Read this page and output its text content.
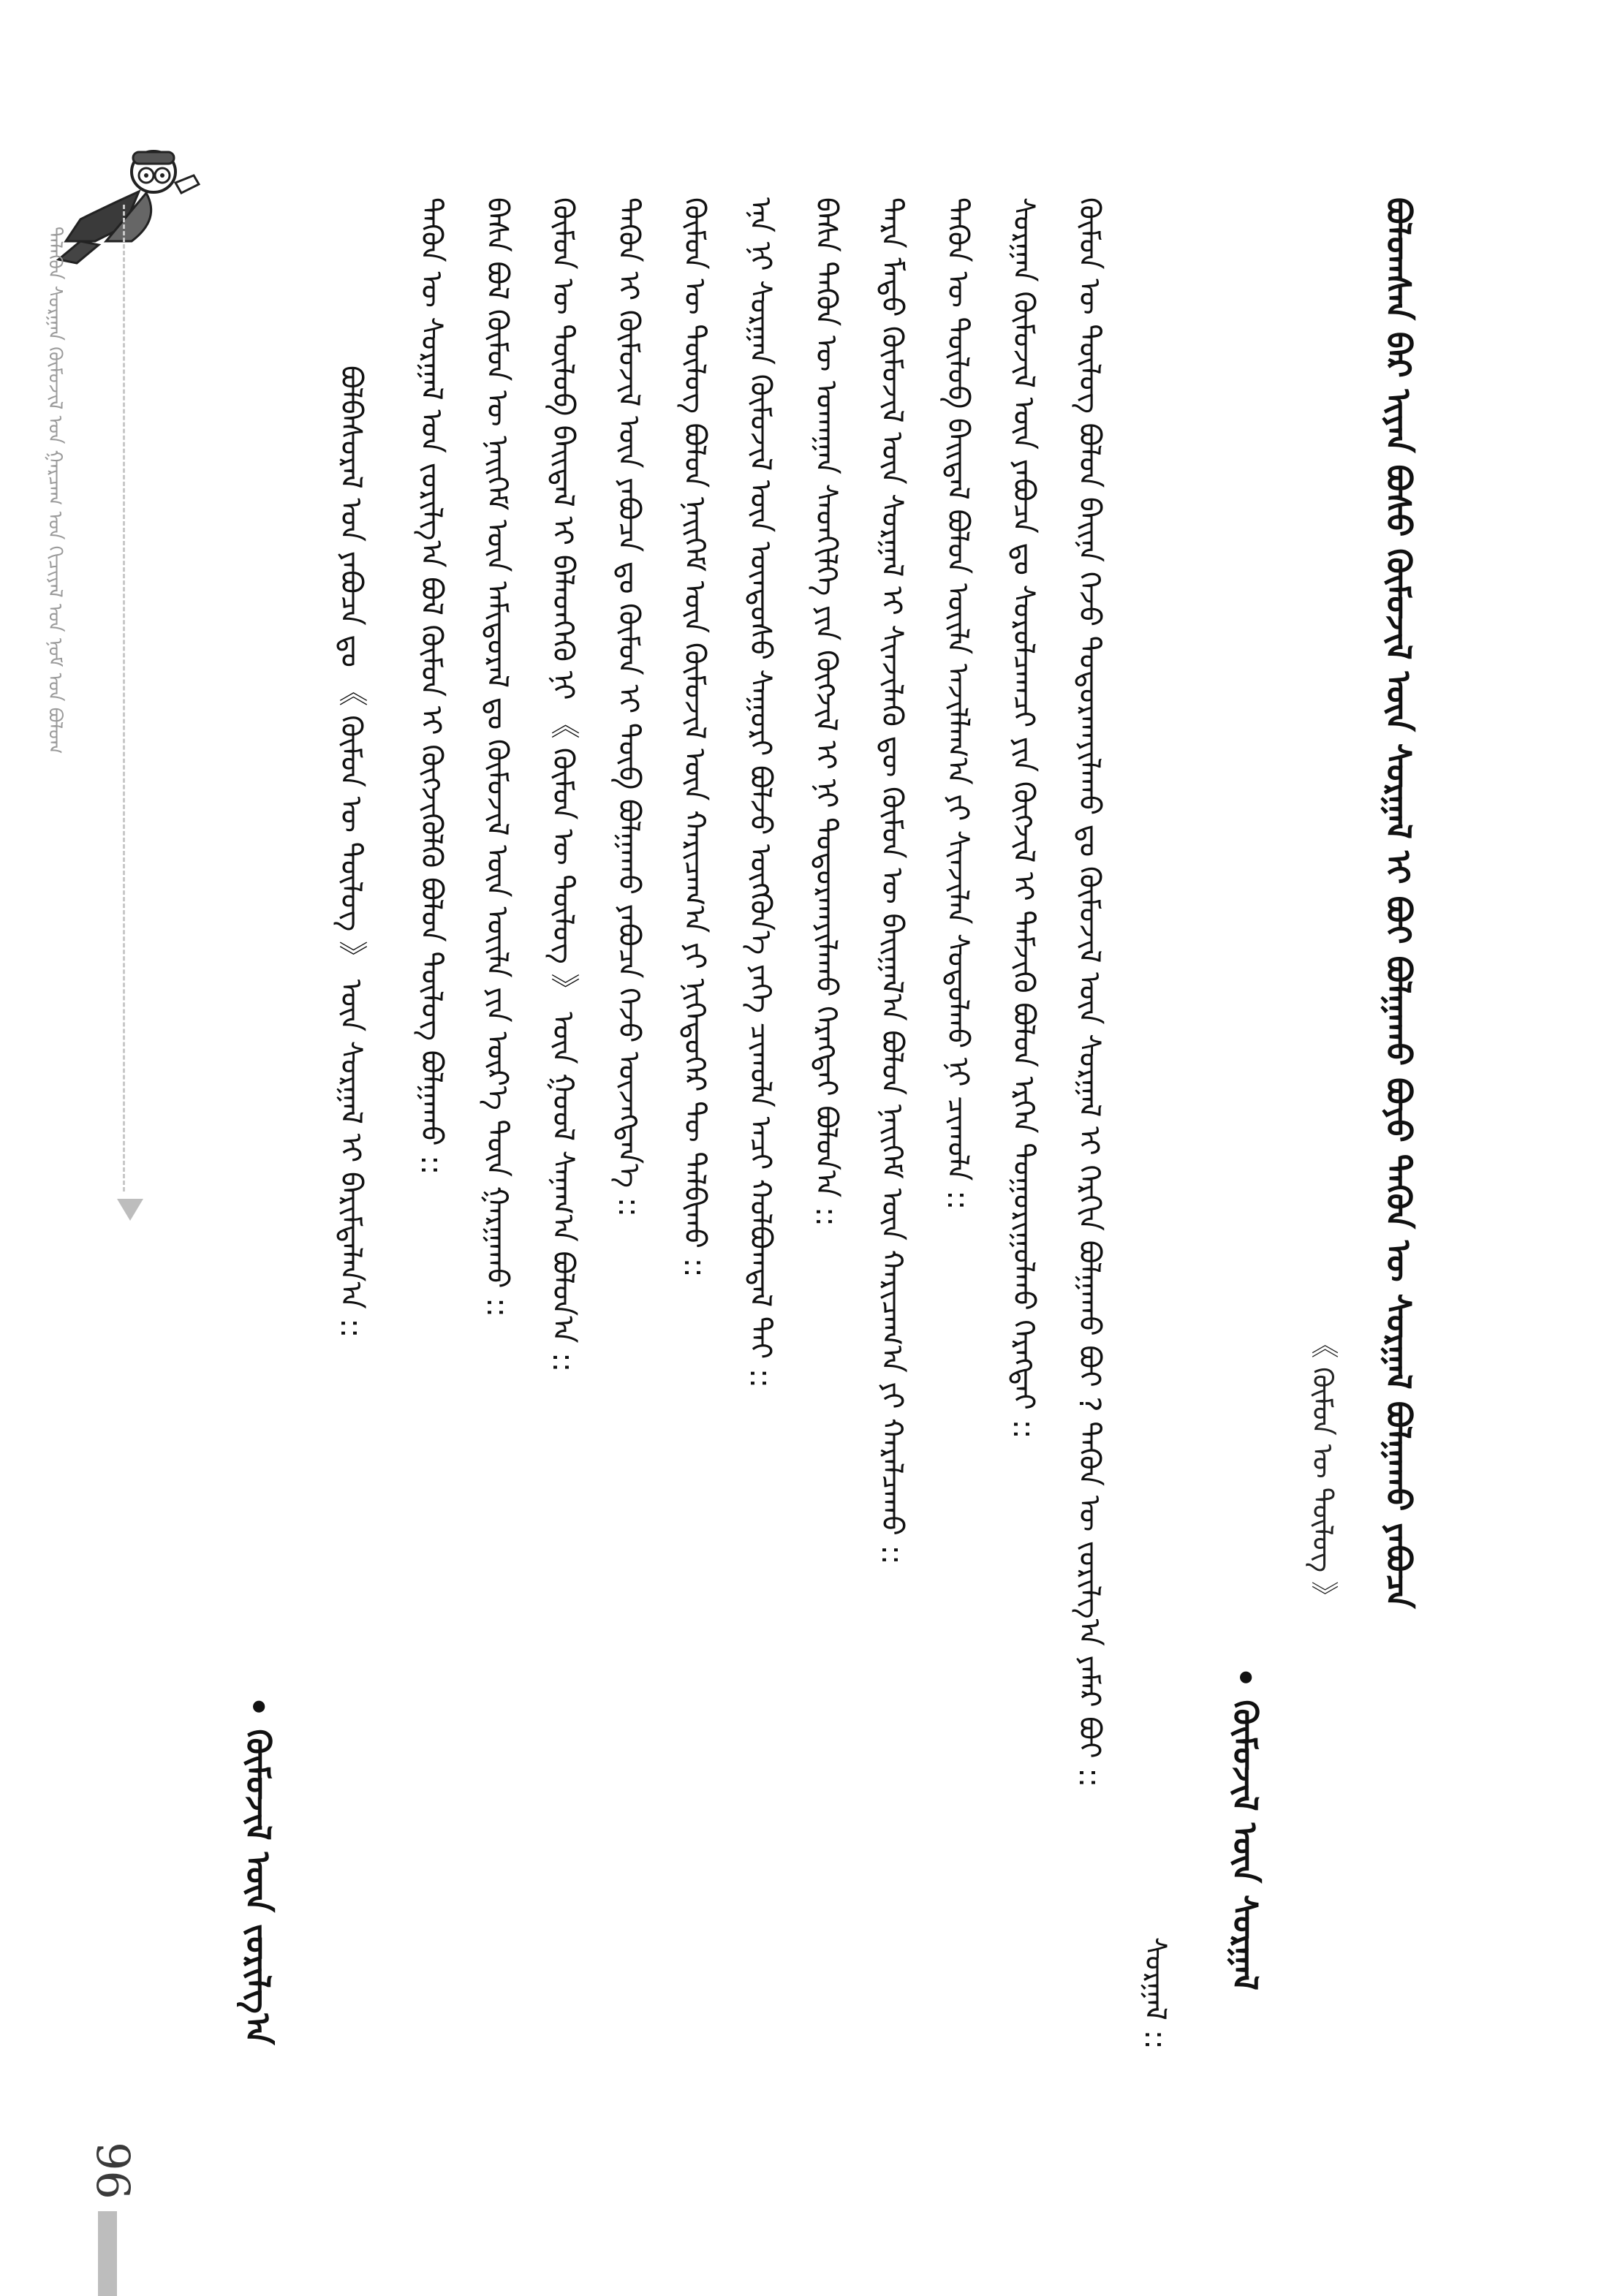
ᠲᠡᠯᠡᠭᠦᠨ ᠰᠤᠷᠭᠠᠨ ᠬᠦᠮᠦᠵᠢᠯ ᠤᠨ ᠭᠠᠷᠴᠠᠭ ᠤᠨ ᠬᠢᠴᠢᠶᠡᠯ ᠤᠨ ᠨᠣᠮ ᠤᠨ ᠪᠤᠯᠤᠭ	ᠪᠣᠯᠣᠭᠰᠠᠨ ᠪᠡᠷ ᠢᠶᠡᠨ ᠪᠣᠰᠤ ᠬᠦᠮᠦᠵᠢᠯ ᠦᠨ ᠰᠤᠷᠭᠠᠯ ᠢ ᠪᠤᠢ ᠪᠣᠯᠭᠠᠬᠤ ᠪᠤᠶᠤ ᠲᠡᠭᠦᠨ ᠦ ᠰᠤᠷᠭᠠᠯ ᠪᠣᠯᠭᠠᠬᠤ ᠶᠠᠪᠤᠴᠠ
《 ᠬᠦᠮᠦᠨ ᠦ ᠲᠦᠯᠦᠭ 》
• ᠬᠦᠮᠦᠵᠢᠯ ᠦᠨ ᠰᠤᠷᠭᠠᠯ
ᠰᠤᠷᠭᠠᠯ ::
ᠬᠦᠮᠦᠨ ᠦ ᠲᠦᠯᠦᠭ ᠪᠣᠯᠤᠨ ᠪᠠᠢᠨᠠ ᠭᠡᠵᠦ ᠲᠣᠳᠤᠷᠬᠠᠶᠢᠯᠠᠬᠤ ᠳᠤ ᠬᠦᠮᠦᠵᠢᠯ ᠦᠨ ᠰᠤᠷᠭᠠᠯ ᠢ ᠬᠡᠷᠬᠢᠨ ᠪᠣᠯᠭᠠᠬᠤ ᠪᠤᠢ ? ᠲᠡᠭᠦᠨ ᠦ ᠵᠣᠷᠢᠯᠭ᠎ᠠ ᠶᠠᠮᠠᠷ ᠪᠤᠢ ::
ᠰᠤᠷᠭᠠᠨ ᠬᠦᠮᠦᠵᠢᠯ ᠦᠨ ᠶᠠᠪᠤᠴᠠ ᠳᠤ ᠰᠤᠷᠤᠯᠴᠠᠭᠴᠢ ᠶᠢᠨ ᠬᠥᠭᠵᠢᠯ ᠢ ᠳᠡᠮᠵᠢᠬᠦ ᠪᠣᠯᠤᠨ ᠡᠷᠭᠡᠨ ᠲᠣᠭᠣᠷᠢᠭᠤᠯᠬᠤ ᠬᠡᠷᠡᠭᠲᠡᠶ ::
ᠲᠡᠭᠦᠨ ᠦ ᠲᠥᠯᠦᠪ ᠪᠠᠢᠳᠠᠯ ᠪᠣᠯᠤᠨ ᠦᠢᠯᠡ ᠠᠵᠢᠯᠯᠠᠭ᠎ᠠ ᠶᠢ ᠰᠢᠨᠵᠢᠯᠡᠨ ᠰᠤᠳᠤᠯᠬᠤ ᠨᠢ ᠴᠢᠬᠤᠯᠠ ::
ᠲᠡᠷᠡ ᠮᠡᠲᠦ ᠬᠦᠮᠦᠵᠢᠯ ᠦᠨ ᠰᠤᠷᠭᠠᠯ ᠢ ᠰᠢᠨᠵᠢᠯᠡᠬᠦ ᠳᠦ ᠬᠦᠮᠦᠨ ᠦ ᠪᠠᠢᠭᠠᠯ᠎ᠠ ᠪᠣᠯᠤᠨ ᠨᠡᠢᠭᠡᠮ ᠦᠨ ᠬᠠᠷᠢᠴᠠᠭ᠎ᠠ ᠶᠢ ᠬᠠᠷᠠᠯᠴᠠᠬᠤ ::
ᠪᠠᠰᠠ ᠲᠡᠭᠦᠨ ᠦ ᠤᠬᠠᠭᠠᠨ ᠰᠡᠳᠬᠢᠯᠭᠡ ᠶᠢᠨ ᠬᠥᠭᠵᠢᠯ ᠢ ᠨᠢ ᠲᠣᠳᠤᠷᠬᠠᠶᠢᠯᠠᠬᠤ ᠬᠡᠷᠡᠭᠲᠡᠶ ᠪᠣᠯᠤᠨ᠎ᠠ ::
ᠡᠨᠡ ᠨᠢ ᠰᠤᠷᠭᠠᠨ ᠬᠦᠮᠦᠵᠢᠯ ᠦᠨ ᠦᠨᠳᠦᠰᠦ ᠰᠠᠭᠤᠷᠢ ᠪᠣᠯᠵᠤ ᠦᠭᠭᠦᠨ᠎ᠡ ᠶᠡᠬᠡ ᠴᠢᠬᠤᠯᠠ ᠠᠴᠢ ᠬᠣᠯᠪᠣᠭᠳᠠᠯ ᠲᠠᠢ ::
ᠬᠦᠮᠦᠨ ᠦ ᠲᠦᠯᠦᠭ ᠪᠣᠯᠤᠨ ᠨᠡᠢᠭᠡᠮ ᠦᠨ ᠬᠦᠮᠦᠵᠢᠯ ᠦᠨ ᠬᠠᠷᠢᠴᠠᠭ᠎ᠠ ᠶᠢ ᠨᠢᠭᠡᠳᠦᠭᠡᠷ ᠲᠦ ᠲᠠᠯᠪᠢᠬᠤ ::
ᠲᠡᠭᠦᠨ ᠢ ᠬᠦᠮᠦᠵᠢᠯ ᠦᠨ ᠶᠠᠪᠤᠴᠠ ᠳᠤ ᠬᠦᠮᠦᠨ ᠢ ᠲᠥᠪ ᠪᠣᠯᠭᠠᠬᠤ ᠶᠠᠪᠤᠴᠠ ᠭᠡᠵᠦ ᠦᠵᠡᠭᠳᠡᠨ᠎ᠡ ::
ᠬᠦᠮᠦᠨ ᠦ ᠲᠥᠯᠦᠪ ᠪᠠᠢᠳᠠᠯ ᠢ ᠪᠡᠯᠡᠳᠬᠡᠬᠦ ᠨᠢ 《 ᠬᠦᠮᠦᠨ ᠦ ᠲᠦᠯᠦᠭ 》 ᠦᠨ ᠭᠣᠣᠯ ᠰᠠᠨᠠᠭ᠎ᠠ ᠪᠣᠯᠤᠨ᠎ᠠ ::
ᠪᠠᠰᠠ ᠪᠣᠯ ᠬᠦᠮᠦᠨ ᠦ ᠨᠡᠢᠭᠡᠮ ᠦᠨ ᠠᠮᠢᠳᠤᠷᠠᠯ ᠳᠤ ᠬᠦᠮᠦᠵᠢᠯ ᠦᠨ ᠦᠢᠯᠡ ᠶᠢᠨ ᠦᠷ᠎ᠡ ᠳᠦᠨ ᠭᠠᠷᠭᠠᠬᠤ ::
ᠲᠡᠭᠦᠨ ᠦ ᠰᠤᠷᠭᠠᠯ ᠤᠨ ᠵᠣᠷᠢᠯᠭ᠎ᠠ ᠪᠣᠯ ᠬᠦᠮᠦᠨ ᠢ ᠬᠥᠭᠵᠢᠭᠦᠯᠬᠦ ᠪᠣᠯᠤᠨ ᠲᠦᠯᠦᠭ ᠪᠣᠯᠭᠠᠬᠤ ::
ᠪᠣᠯᠪᠠᠰᠤᠷᠠᠯ ᠤᠨ ᠶᠠᠪᠤᠴᠠ ᠳᠤ 《 ᠬᠦᠮᠦᠨ ᠦ ᠲᠦᠯᠦᠭ 》 ᠦᠨ ᠰᠤᠷᠭᠠᠯ ᠢ ᠪᠠᠷᠢᠮᠲᠠᠯᠠᠨ᠎ᠠ ::
• ᠬᠦᠮᠦᠵᠢᠯ ᠦᠨ ᠵᠣᠷᠢᠯᠭ᠎ᠠ
96
